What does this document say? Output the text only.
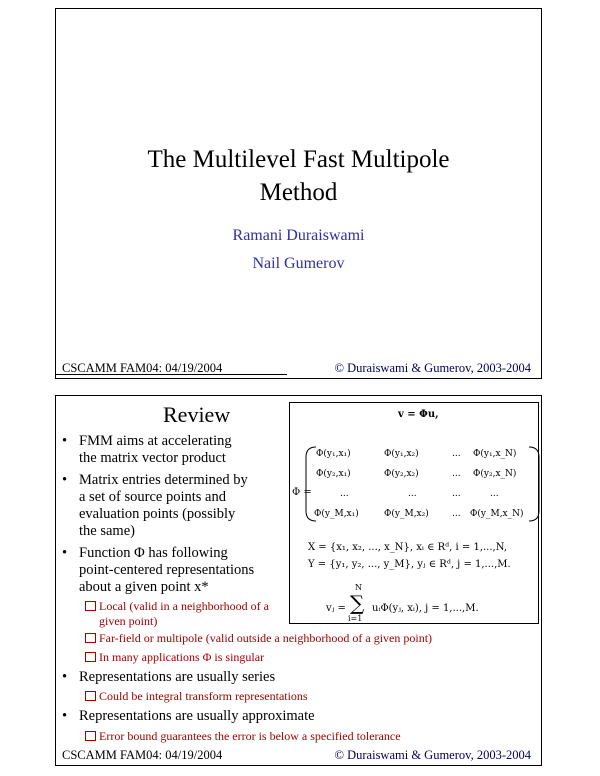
The Multilevel Fast Multipole
Method
Ramani Duraiswami
Nail Gumerov
CSCAMM FAM04: 04/19/2004	© Duraiswami & Gumerov, 2003-2004
Review	v = Φu,
Φ =
Φ(y₁,x₁)	Φ(y₁,x₂)	... Φ(y₁,x_N)
Φ(y₂,x₁)	Φ(y₂,x₂)	... Φ(y₂,x_N)
...	...	...	...
Φ(y_M,x₁)	Φ(y_M,x₂)	... Φ(y_M,x_N)
X = {x₁, x₂, ..., x_N}, xᵢ ∈ Rᵈ, i = 1,...,N,
Y = {y₁, y₂, ..., y_M}, yⱼ ∈ Rᵈ, j = 1,...,M.
vⱼ =
N
∑
i=1
uᵢΦ(yⱼ, xᵢ), j = 1,...,M.
• FMM aims at accelerating
the matrix vector product
• Matrix entries determined by
a set of source points and
evaluation points (possibly
the same)
• Function Φ has following
point-centered representations
about a given point x*
Local (valid in a neighborhood of a
given point)
Far-field or multipole (valid outside a neighborhood of a given point)
In many applications Φ is singular
• Representations are usually series
Could be integral transform representations
• Representations are usually approximate
Error bound guarantees the error is below a specified tolerance
CSCAMM FAM04: 04/19/2004	© Duraiswami & Gumerov, 2003-2004
